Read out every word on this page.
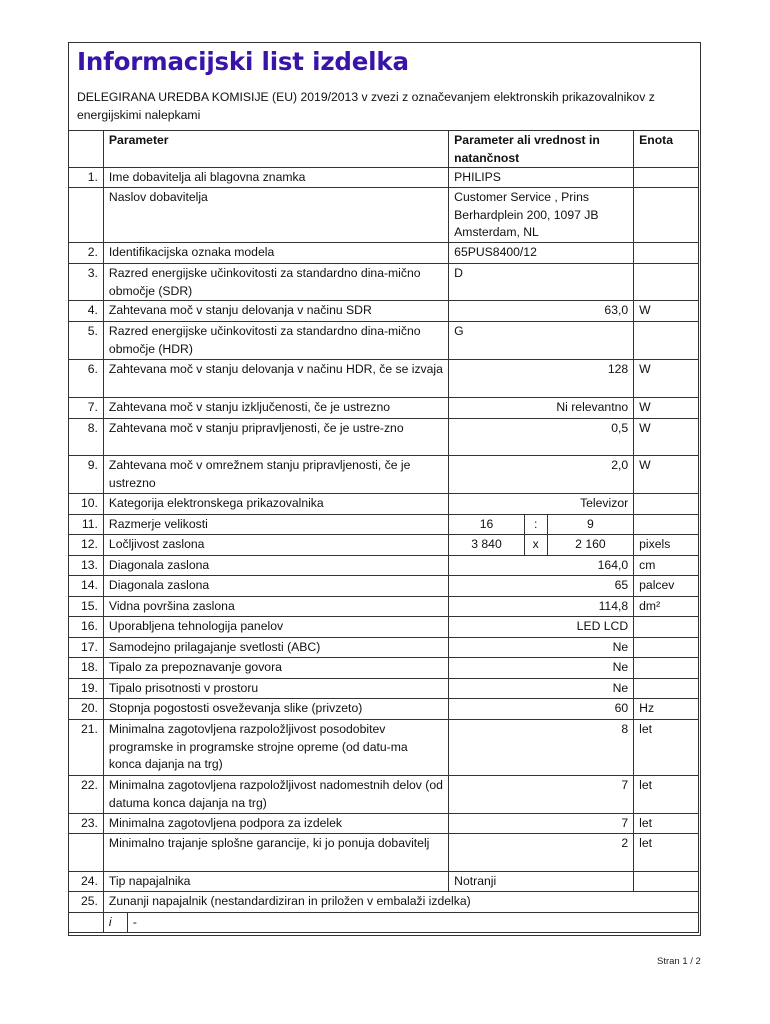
Informacijski list izdelka

DELEGIRANA UREDBA KOMISIJE (EU) 2019/2013 v zvezi z označevanjem elektronskih prikazovalnikov z energijskimi nalepkami

	Parameter		Parameter ali vrednost in natančnost			Enota
1.	Ime dobavitelja ali blagovna znamka		PHILIPS			
	Naslov dobavitelja		Customer Service , Prins Berhardplein 200, 1097 JB Amsterdam, NL			
2.	Identifikacijska oznaka modela		65PUS8400/12			
3.	Razred energijske učinkovitosti za standardno dina-mično območje (SDR)		D			
4.	Zahtevana moč v stanju delovanja v načinu SDR		63,0			W
5.	Razred energijske učinkovitosti za standardno dina-mično območje (HDR)		G			
6.	Zahtevana moč v stanju delovanja v načinu HDR, če se izvaja		128			W
7.	Zahtevana moč v stanju izključenosti, če je ustrezno		Ni relevantno			W
8.	Zahtevana moč v stanju pripravljenosti, če je ustre-zno		0,5			W
9.	Zahtevana moč v omrežnem stanju pripravljenosti, če je ustrezno		2,0			W
10.	Kategorija elektronskega prikazovalnika		Televizor			
11.	Razmerje velikosti		16	:	9	
12.	Ločljivost zaslona		3 840	x	2 160	pixels
13.	Diagonala zaslona		164,0			cm
14.	Diagonala zaslona		65			palcev
15.	Vidna površina zaslona		114,8			dm²
16.	Uporabljena tehnologija panelov		LED LCD			
17.	Samodejno prilagajanje svetlosti (ABC)		Ne			
18.	Tipalo za prepoznavanje govora		Ne			
19.	Tipalo prisotnosti v prostoru		Ne			
20.	Stopnja pogostosti osveževanja slike (privzeto)		60			Hz
21.	Minimalna zagotovljena razpoložljivost posodobitev programske in programske strojne opreme (od datu-ma konca dajanja na trg)		8			let
22.	Minimalna zagotovljena razpoložljivost nadomestnih delov (od datuma konca dajanja na trg)		7			let
23.	Minimalna zagotovljena podpora za izdelek		7			let
	Minimalno trajanje splošne garancije, ki jo ponuja dobavitelj		2			let
24.	Tip napajalnika		Notranji			
25.	Zunanji napajalnik (nestandardiziran in priložen v embalaži izdelka)					
	i	-				
Stran 1 / 2
